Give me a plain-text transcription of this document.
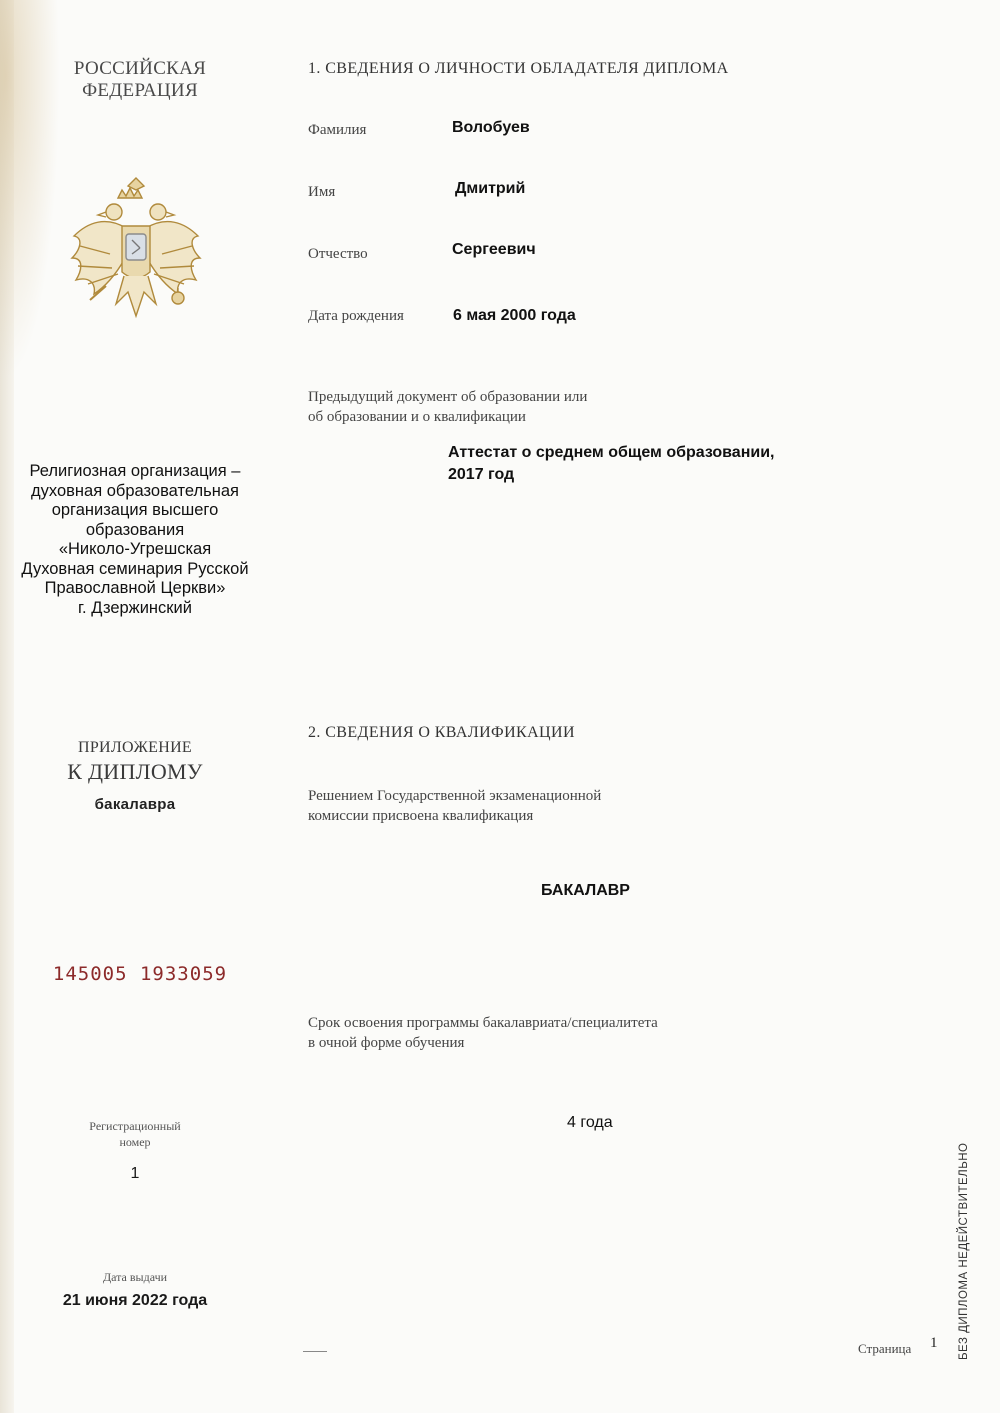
РОССИЙСКАЯ
ФЕДЕРАЦИЯ
Религиозная организация –
духовная образовательная
организация высшего
образования
«Николо-Угрешская
Духовная семинария Русской
Православной Церкви»
г. Дзержинский
ПРИЛОЖЕНИЕ
К ДИПЛОМУ
бакалавра
145005 1933059
Регистрационный
номер
1
Дата выдачи
21 июня 2022 года
1. СВЕДЕНИЯ О ЛИЧНОСТИ ОБЛАДАТЕЛЯ ДИПЛОМА
Фамилия	Волобуев
Имя	Дмитрий
Отчество	Сергеевич
Дата рождения	6 мая 2000 года
Предыдущий документ об образовании или
об образовании и о квалификации
Аттестат о среднем общем образовании,
2017 год
2. СВЕДЕНИЯ О КВАЛИФИКАЦИИ
Решением Государственной экзаменационной
комиссии присвоена квалификация
БАКАЛАВР
Срок освоения программы бакалавриата/специалитета
в очной форме обучения
4 года
Страница 1 БЕЗ ДИПЛОМА НЕДЕЙСТВИТЕЛЬНО
